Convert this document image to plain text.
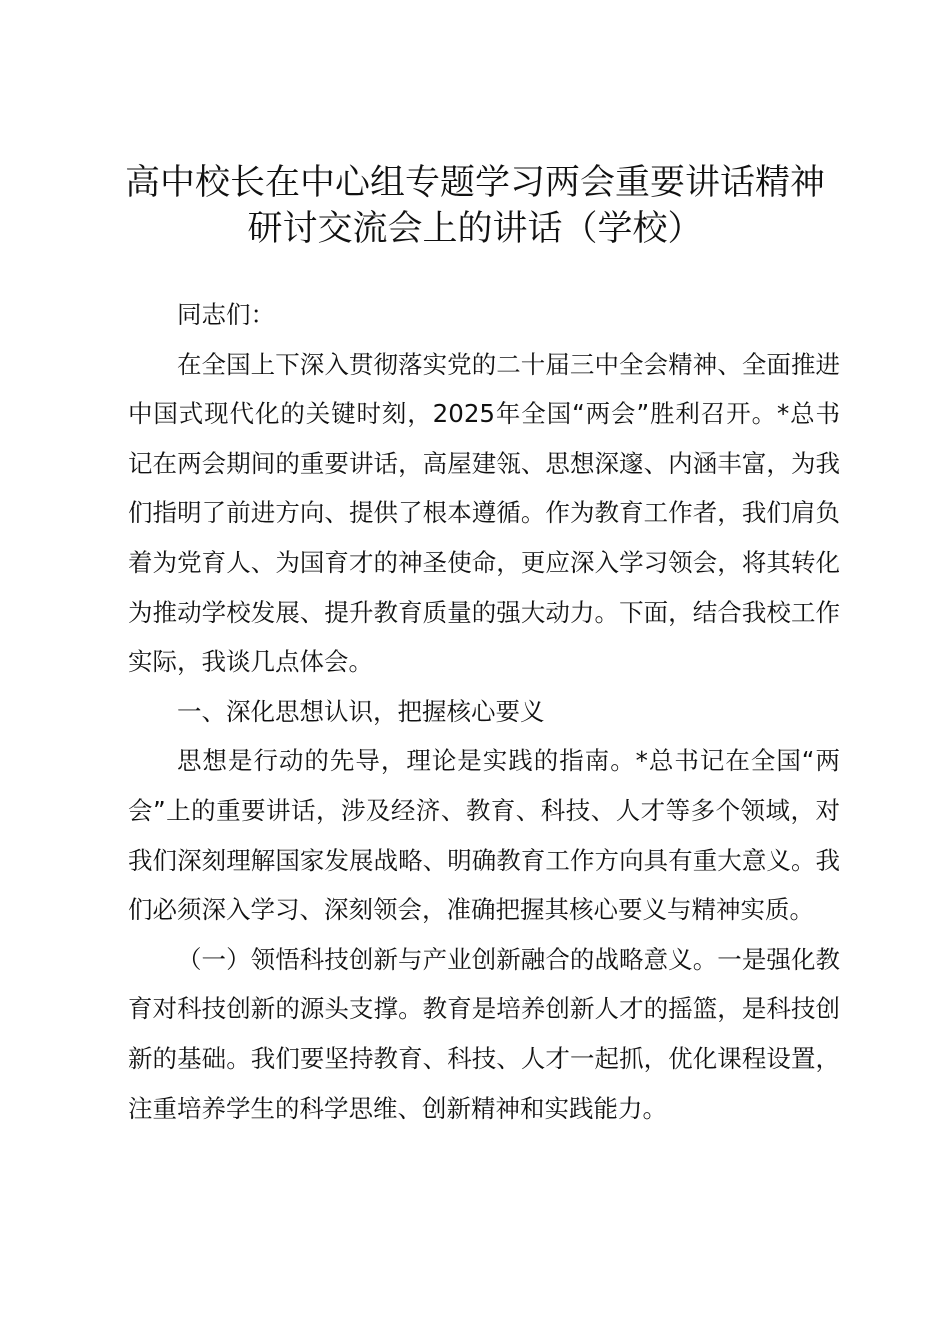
高中校长在中心组专题学习两会重要讲话精神
研讨交流会上的讲话（学校）

同志们：

在全国上下深入贯彻落实党的二十届三中全会精神、全面推进中国式现代化的关键时刻，2025年全国“两会”胜利召开。*总书记在两会期间的重要讲话，高屋建瓴、思想深邃、内涵丰富，为我们指明了前进方向、提供了根本遵循。作为教育工作者，我们肩负着为党育人、为国育才的神圣使命，更应深入学习领会，将其转化为推动学校发展、提升教育质量的强大动力。下面，结合我校工作实际，我谈几点体会。

一、深化思想认识，把握核心要义

思想是行动的先导，理论是实践的指南。*总书记在全国“两会”上的重要讲话，涉及经济、教育、科技、人才等多个领域，对我们深刻理解国家发展战略、明确教育工作方向具有重大意义。我们必须深入学习、深刻领会，准确把握其核心要义与精神实质。

（一）领悟科技创新与产业创新融合的战略意义。一是强化教育对科技创新的源头支撑。教育是培养创新人才的摇篮，是科技创新的基础。我们要坚持教育、科技、人才一起抓，优化课程设置，注重培养学生的科学思维、创新精神和实践能力。
